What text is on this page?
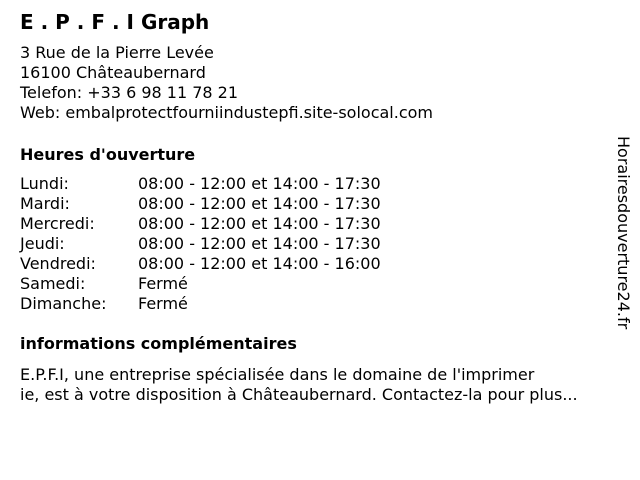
E . P . F . I Graph
3 Rue de la Pierre Levée
16100 Châteaubernard
Telefon: +33 6 98 11 78 21
Web: embalprotectfourniindustepfi.site-solocal.com
Heures d'ouverture
Lundi:	08:00 - 12:00 et 14:00 - 17:30
Mardi:	08:00 - 12:00 et 14:00 - 17:30
Mercredi:	08:00 - 12:00 et 14:00 - 17:30
Jeudi:	08:00 - 12:00 et 14:00 - 17:30
Vendredi:	08:00 - 12:00 et 14:00 - 16:00
Samedi:	Fermé
Dimanche: Fermé
informations complémentaires
E.P.F.I, une entreprise spécialisée dans le domaine de l'imprimer
ie, est à votre disposition à Châteaubernard. Contactez-la pour plus...
Horairesdouverture24.fr
